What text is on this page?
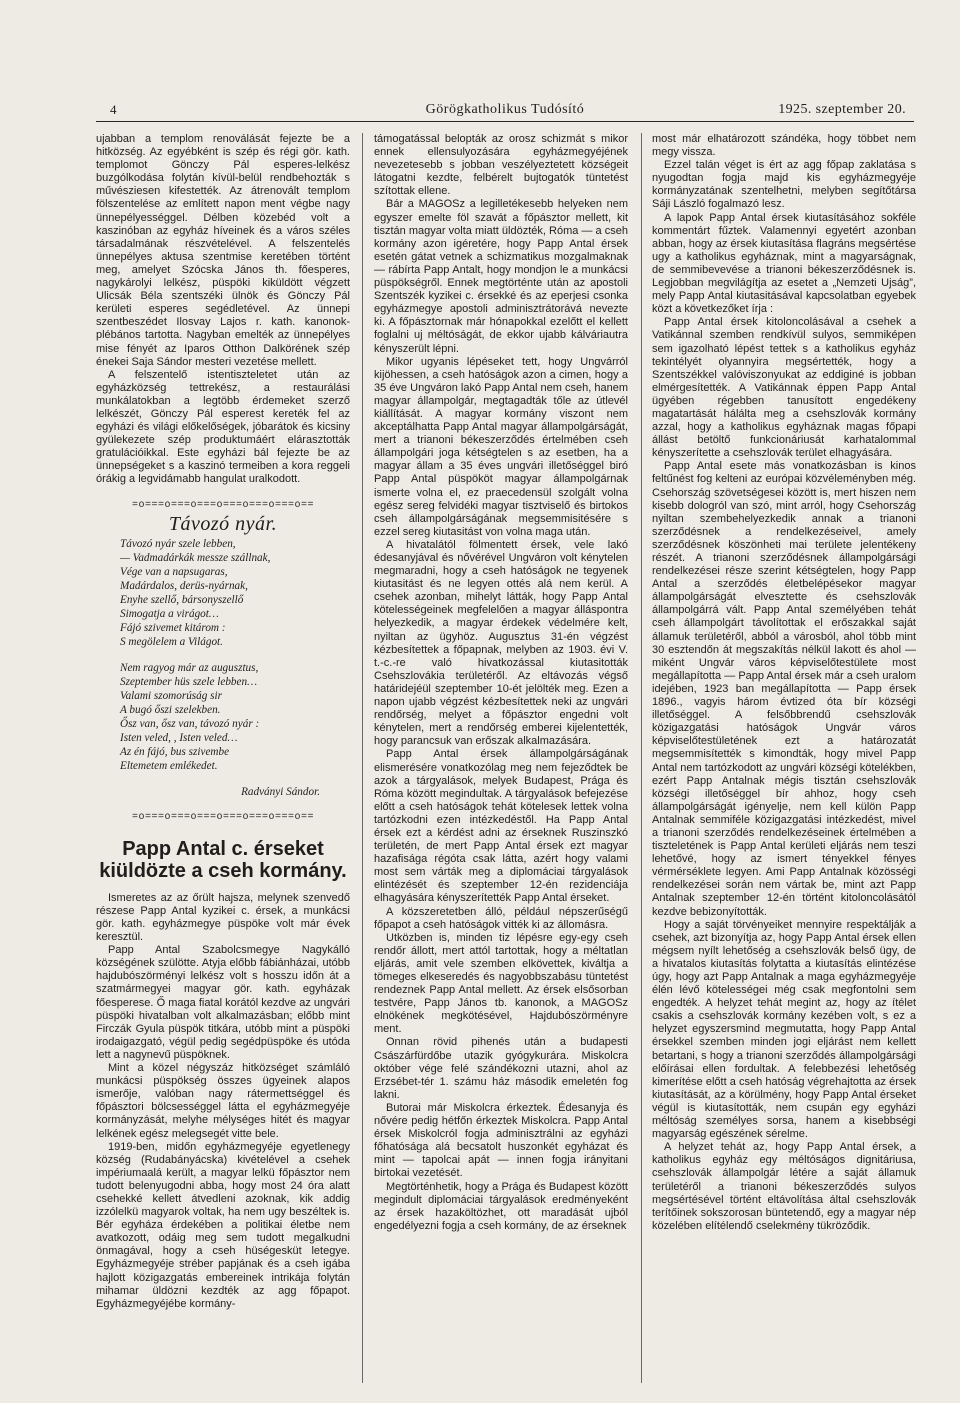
4	Görögkatholikus Tudósító	1925. szeptember 20.

ujabban a templom renoválását fejezte be a hitközség. Az egyébként is szép és régi gör. kath. templomot Gönczy Pál esperes-lelkész buzgólkodása folytán kívül-belül rendbehozták s művésziesen kifestették. Az átrenovált templom fölszentelése az említett napon ment végbe nagy ünnepélyességgel. Délben közebéd volt a kaszinóban az egyház híveinek és a város széles társadalmának részvételével. A felszentelés ünnepélyes aktusa szentmise keretében történt meg, amelyet Szócska János th. főesperes, nagykárolyi lelkész, püspöki kiküldött végzett Ulicsák Béla szentszéki ülnök és Gönczy Pál kerületi esperes segédletével. Az ünnepi szentbeszédet Ilosvay Lajos r. kath. kanonok-plébános tartotta. Nagyban emelték az ünnepélyes mise fényét az Iparos Otthon Dalkörének szép énekei Saja Sándor mesteri vezetése mellett.

A felszentelő istentiszteletet után az egyházközség tettrekész, a restaurálási munkálatokban a legtöbb érdemeket szerző lelkészét, Gönczy Pál esperest kereték fel az egyházi és világi előkelőségek, jóbarátok és kicsiny gyülekezete szép produktumáért elárasztották gratulációikkal. Este egyházi bál fejezte be az ünnepségeket s a kaszinó termeiben a kora reggeli órákig a legvidámabb hangulat uralkodott.

=o===o===o===o===o===o===o==
Távozó nyár.
Távozó nyár szele lebben,
— Vadmadárkák messze szállnak,
Vége van a napsugaras,
Madárdalos, derüs-nyárnak,
Enyhe szellő, bársonyszellő
Simogatja a virágot…
Fájó szivemet kitárom :
S megölelem a Világot.
Nem ragyog már az augusztus,
Szeptember hüs szele lebben…
Valami szomorúság sir
A bugó őszi szelekben.
Ősz van, ősz van, távozó nyár :
Isten veled, , Isten veled…
Az én fájó, bus szivembe
Eltemetem emlékedet.
Radványi Sándor.
=o===o===o===o===o===o===o==
Papp Antal c. érseket kiüldözte a cseh kormány.

Ismeretes az az őrült hajsza, melynek szenvedő részese Papp Antal kyzikei c. érsek, a munkácsi gör. kath. egyházmegye püspöke volt már évek keresztül.

Papp Antal Szabolcsmegye Nagykálló községének szülötte. Atyja előbb fábiánházai, utóbb hajdubószörményi lelkész volt s hosszu időn át a szatmármegyei magyar gör. kath. egyházak főesperese. Ő maga fiatal korától kezdve az ungvári püspöki hivatalban volt alkalmazásban; előbb mint Firczák Gyula püspök titkára, utóbb mint a püspöki irodaigazgató, végül pedig segédpüspöke és utóda lett a nagynevű püspöknek.

Mint a közel négyszáz hitközséget számláló munkácsi püspökség összes ügyeinek alapos ismerője, valóban nagy rátermettséggel és főpásztori bölcsességgel látta el egyházmegyéje kormányzását, melyhe mélységes hitét és magyar lelkének egész melegsegét vitte bele.

1919-ben, midőn egyházmegyéje egyetlenegy község (Rudabányácska) kivételével a csehek impériumaalá került, a magyar lelkü főpásztor nem tudott belenyugodni abba, hogy most 24 óra alatt csehekké kellett átvedleni azoknak, kik addig izzólelkü magyarok voltak, ha nem ugy beszéltek is. Bér egyháza érdekében a politikai életbe nem avatkozott, odáig meg sem tudott megalkudni önmagával, hogy a cseh hüségesküt letegye. Egyházmegyéje stréber papjának és a cseh igába hajlott közigazgatás embereinek intrikája folytán mihamar üldözni kezdték az agg főpapot. Egyházmegyéjébe kormány-

támogatással belopták az orosz schizmát s mikor ennek ellensulyozására egyházmegyéjének nevezetesebb s jobban veszélyeztetett községeit látogatni kezdte, felbérelt bujtogatók tüntetést szítottak ellene.

Bár a MAGOSz a legilletékesebb helyeken nem egyszer emelte föl szavát a főpásztor mellett, kit tisztán magyar volta miatt üldözték, Róma — a cseh kormány azon igéretére, hogy Papp Antal érsek esetén gátat vetnek a schizmatikus mozgalmaknak — rábírta Papp Antalt, hogy mondjon le a munkácsi püspökségről. Ennek megtörténte után az apostoli Szentszék kyzikei c. érsekké és az eperjesi csonka egyházmegye apostoli adminisztrátorává nevezte ki. A főpásztornak már hónapokkal ezelőtt el kellett foglalni uj méltóságát, de ekkor ujabb kálváriautra kényszerült lépni.

Mikor ugyanis lépéseket tett, hogy Ungvárról kijöhessen, a cseh hatóságok azon a cimen, hogy a 35 éve Ungváron lakó Papp Antal nem cseh, hanem magyar állampolgár, megtagadták tőle az útlevél kiállítását. A magyar kormány viszont nem akceptálhatta Papp Antal magyar állampolgárságát, mert a trianoni békeszerződés értelmében cseh állampolgári joga kétségtelen s az esetben, ha a magyar állam a 35 éves ungvári illetőséggel biró Papp Antal püspököt magyar állampolgárnak ismerte volna el, ez praecedensül szolgált volna egész sereg felvidéki magyar tisztviselő és birtokos cseh állampolgárságának megsemmisitésére s ezzel sereg kiutasitást von volna maga után.

A hivatalától fölmentett érsek, vele lakó édesanyjával és nővérével Ungváron volt kénytelen megmaradni, hogy a cseh hatóságok ne tegyenek kiutasitást és ne legyen ottés alá nem kerül. A csehek azonban, mihelyt látták, hogy Papp Antal kötelességeinek megfelelően a magyar álláspontra helyezkedik, a magyar érdekek védelmére kelt, nyiltan az ügyhöz. Augusztus 31-én végzést kézbesítettek a főpapnak, melyben az 1903. évi V. t.-c.-re való hivatkozással kiutasitották Csehszlovákia területéről. Az eltávozás végső határidejéül szeptember 10-ét jelölték meg. Ezen a napon ujabb végzést kézbesítettek neki az ungvári rendőrség, melyet a főpásztor engedni volt kénytelen, mert a rendőrség emberei kijelentették, hogy parancsuk van erőszak alkalmazására.

Papp Antal érsek állampolgárságának elismerésére vonatkozólag meg nem fejeződtek be azok a tárgyalások, melyek Budapest, Prága és Róma között megindultak. A tárgyalások befejezése előtt a cseh hatóságok tehát kötelesek lettek volna tartózkodni ezen intézkedéstől. Ha Papp Antal érsek ezt a kérdést adni az érseknek Ruszinszkó területén, de mert Papp Antal érsek ezt magyar hazafisága régóta csak látta, azért hogy valami most sem várták meg a diplomáciai tárgyalások elintézését és szeptember 12-én rezidenciája elhagyására kényszerítették Papp Antal érseket.

A közszeretetben álló, például népszerűségű főpapot a cseh hatóságok vitték ki az állomásra.

Utközben is, minden tiz lépésre egy-egy cseh rendőr állott, mert attól tartottak, hogy a méltatlan eljárás, amit vele szemben elkövettek, kiváltja a tömeges elkeseredés és nagyobbszabásu tüntetést rendeznek Papp Antal mellett. Az érsek elsősorban testvére, Papp János tb. kanonok, a MAGOSz elnökének megkötésével, Hajdubószörményre ment.

Onnan rövid pihenés után a budapesti Császárfürdőbe utazik gyógykurára. Miskolcra október vége felé szándékozni utazni, ahol az Erzsébet-tér 1. számu ház második emeletén fog lakni.

Butorai már Miskolcra érkeztek. Édesanyja és nővére pedig hétfőn érkeztek Miskolcra. Papp Antal érsek Miskolcról fogja adminisztrálni az egyházi főhatósága alá becsatolt huszonkét egyházat és mint — tapolcai apát — innen fogja irányitani birtokai vezetését.

Megtörténhetik, hogy a Prága és Budapest között megindult diplomáciai tárgyalások eredményeként az érsek hazaköltözhet, ott maradását ujból engedélyezni fogja a cseh kormány, de az érseknek

most már elhatározott szándéka, hogy többet nem megy vissza.

Ezzel talán véget is ért az agg főpap zaklatása s nyugodtan fogja majd kis egyházmegyéje kormányzatának szentelhetni, melyben segítőtársa Sáji László fogalmazó lesz.

A lapok Papp Antal érsek kiutasításához sokféle kommentárt fűztek. Valamennyi egyetért azonban abban, hogy az érsek kiutasítása flagráns megsértése ugy a katholikus egyháznak, mint a magyarságnak, de semmibevevése a trianoni békeszerződésnek is. Legjobban megvilágítja az esetet a „Nemzeti Ujság”, mely Papp Antal kiutasitásával kapcsolatban egyebek közt a következőket írja :

Papp Antal érsek kitoloncolásával a csehek a Vatikánnal szemben rendkívül sulyos, semmiképen sem igazolható lépést tettek s a katholikus egyház tekintélyét olyannyira megsértették, hogy a Szentszékkel valóviszonyukat az eddiginé is jobban elmérgesítették. A Vatikánnak éppen Papp Antal ügyében régebben tanusított engedékeny magatartását hálálta meg a csehszlovák kormány azzal, hogy a katholikus egyháznak magas főpapi állást betöltő funkcionáriusát karhatalommal kényszerítette a csehszlovák terület elhagyására.

Papp Antal esete más vonatkozásban is kinos feltűnést fog kelteni az európai közvéleményben még. Csehország szövetségesei között is, mert hiszen nem kisebb dologról van szó, mint arról, hogy Csehország nyiltan szembehelyezkedik annak a trianoni szerződésnek a rendelkezéseivel, amely szerződésnek köszönheti mai területe jelentékeny részét. A trianoni szerződésnek állampolgársági rendelkezései része szerint kétségtelen, hogy Papp Antal a szerződés életbelépésekor magyar állampolgárságát elvesztette és csehszlovák állampolgárrá vált. Papp Antal személyében tehát cseh állampolgárt távolítottak el erőszakkal saját államuk területéről, abból a városból, ahol több mint 30 esztendőn át megszakítás nélkül lakott és ahol — miként Ungvár város képviselőtestülete most megállapította — Papp Antal érsek már a cseh uralom idejében, 1923 ban megállapította — Papp érsek 1896., vagyis három évtized óta bír községi illetőséggel. A felsőbbrendű csehszlovák közigazgatási hatóságok Ungvár város képviselőtestületének ezt a határozatát megsemmisítették s kimondták, hogy mivel Papp Antal nem tartózkodott az ungvári községi kötelékben, ezért Papp Antalnak mégis tisztán csehszlovák községi illetőséggel bír ahhoz, hogy cseh állampolgárságát igényelje, nem kell külön Papp Antalnak semmiféle közigazgatási intézkedést, mivel a trianoni szerződés rendelkezéseinek értelmében a tiszteletének is Papp Antal kerületi eljárás nem teszi lehetővé, hogy az ismert tényekkel fényes vérmérséklete legyen. Ami Papp Antalnak közösségi rendelkezései során nem vártak be, mint azt Papp Antalnak szeptember 12-én történt kitoloncolásától kezdve bebizonyították.

Hogy a saját törvényeiket mennyire respektálják a csehek, azt bizonyítja az, hogy Papp Antal érsek ellen mégsem nyílt lehetőség a csehszlovák belső ügy, de a hivatalos kiutasítás folytatta a kiutasítás elintézése úgy, hogy azt Papp Antalnak a maga egyházmegyéje élén lévő kötelességei még csak megfontolni sem engedték. A helyzet tehát megint az, hogy az ítélet csakis a csehszlovák kormány kezében volt, s ez a helyzet egyszersmind megmutatta, hogy Papp Antal érsekkel szemben minden jogi eljárást nem kellett betartani, s hogy a trianoni szerződés állampolgársági előírásai ellen fordultak. A felebbezési lehetőség kimerítése előtt a cseh hatóság végrehajtotta az érsek kiutasítását, az a körülmény, hogy Papp Antal érseket végül is kiutasították, nem csupán egy egyházi méltóság személyes sorsa, hanem a kisebbségi magyarság egészének sérelme.

A helyzet tehát az, hogy Papp Antal érsek, a katholikus egyház egy méltóságos dignitáriusa, csehszlovák állampolgár létére a saját államuk területéről a trianoni békeszerződés sulyos megsértésével történt eltávolítása által csehszlovák terítőinek sokszorosan büntetendő, egy a magyar nép közelében elítélendő cselekmény tükröződik.
